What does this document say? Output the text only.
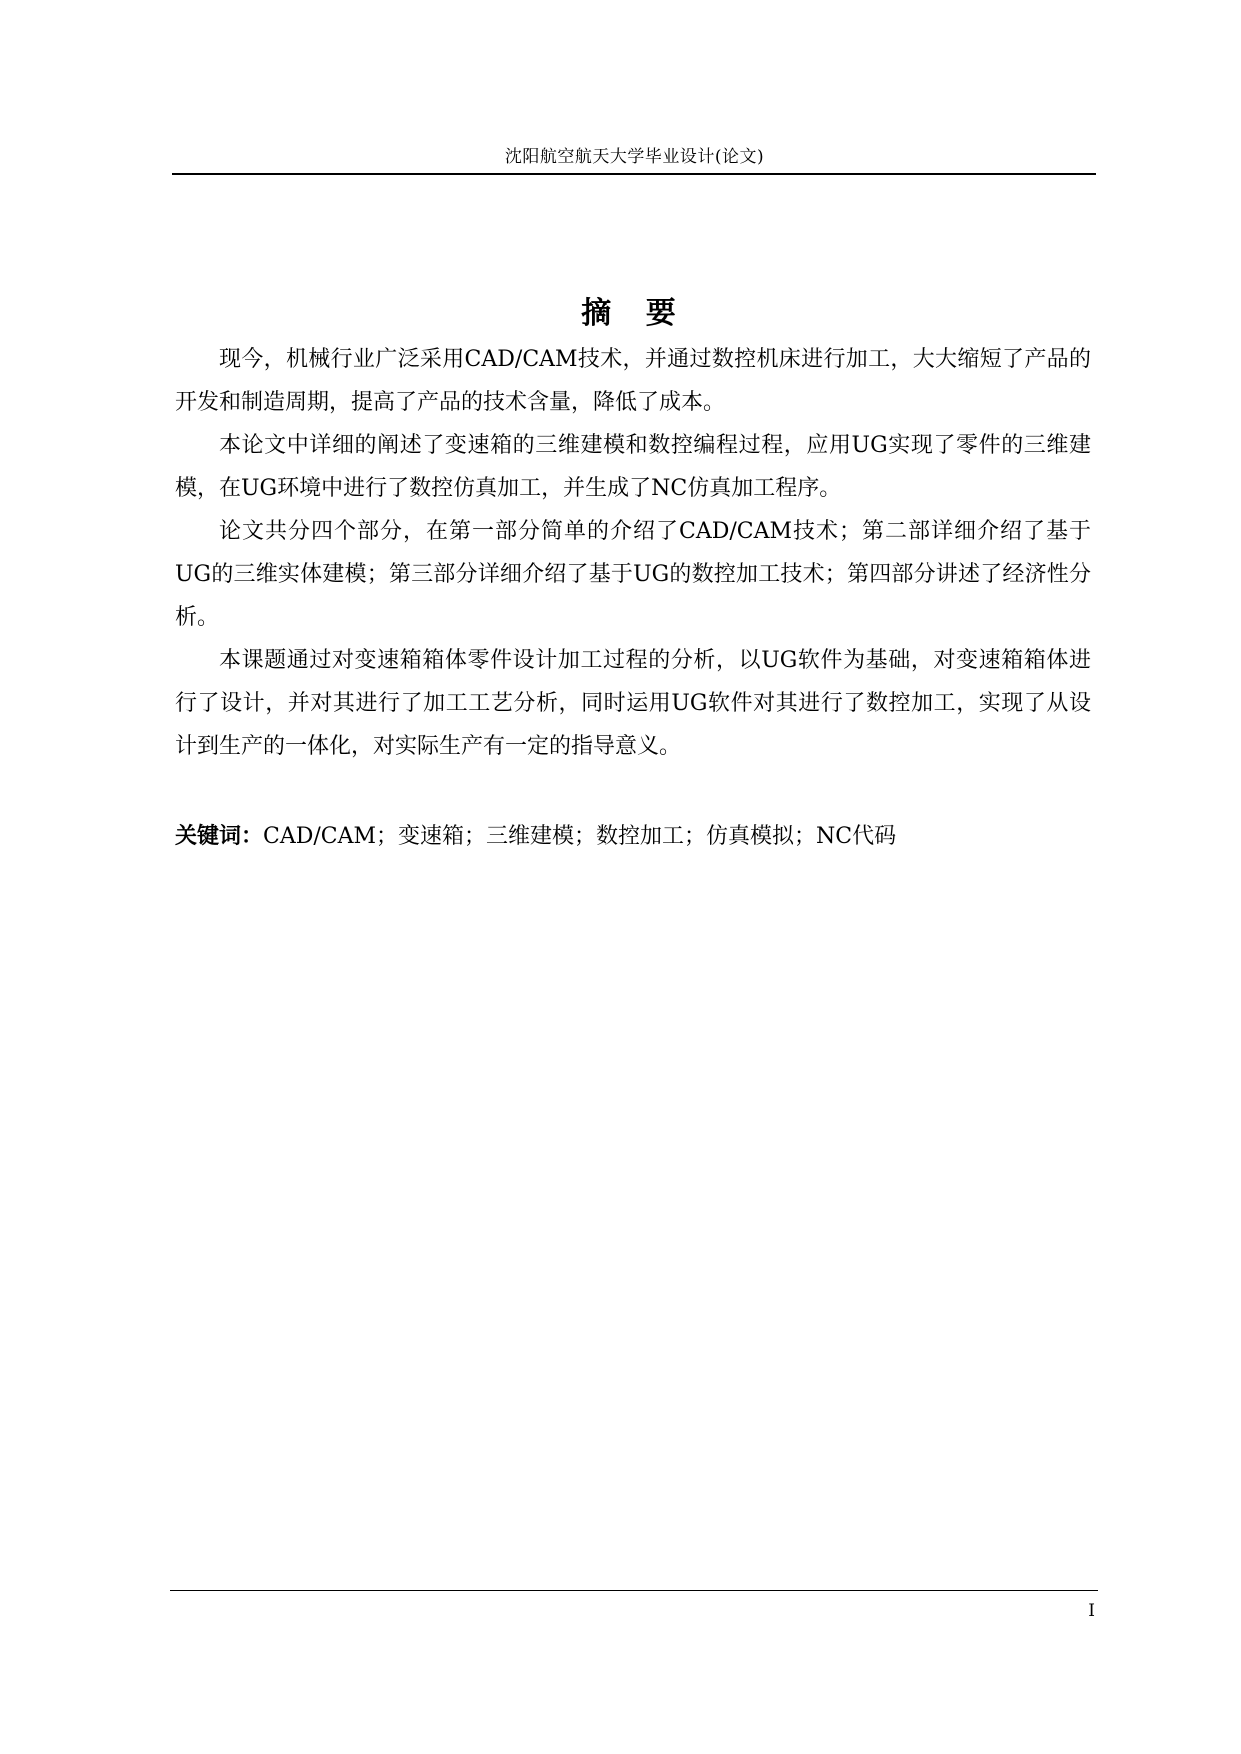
沈阳航空航天大学毕业设计(论文)
摘 要

现今，机械行业广泛采用CAD/CAM技术，并通过数控机床进行加工，大大缩短了产品的开发和制造周期，提高了产品的技术含量，降低了成本。

本论文中详细的阐述了变速箱的三维建模和数控编程过程，应用UG实现了零件的三维建模，在UG环境中进行了数控仿真加工，并生成了NC仿真加工程序。

论文共分四个部分，在第一部分简单的介绍了CAD/CAM技术；第二部详细介绍了基于UG的三维实体建模；第三部分详细介绍了基于UG的数控加工技术；第四部分讲述了经济性分析。

本课题通过对变速箱箱体零件设计加工过程的分析，以UG软件为基础，对变速箱箱体进行了设计，并对其进行了加工工艺分析，同时运用UG软件对其进行了数控加工，实现了从设计到生产的一体化，对实际生产有一定的指导意义。

关键词：CAD/CAM；变速箱；三维建模；数控加工；仿真模拟；NC代码
I
